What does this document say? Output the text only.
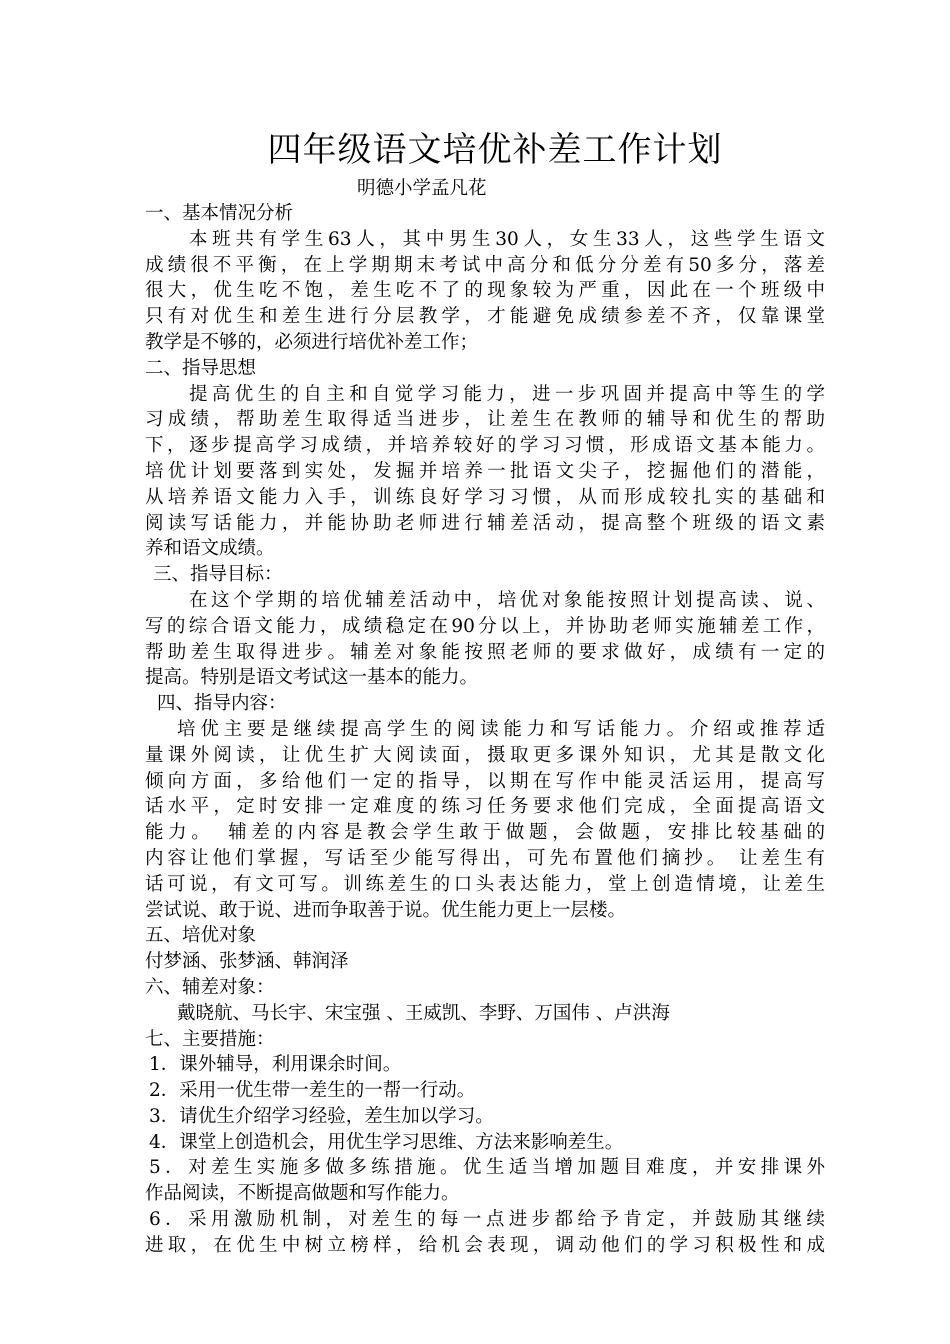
四年级语文培优补差工作计划
明德小学孟凡花
一、基本情况分析
本班共有学生63人，其中男生30人，女生33人，这些学生语文
成绩很不平衡，在上学期期末考试中高分和低分分差有50多分，落差
很大，优生吃不饱，差生吃不了的现象较为严重，因此在一个班级中
只有对优生和差生进行分层教学，才能避免成绩参差不齐，仅靠课堂
教学是不够的，必须进行培优补差工作；
二、指导思想
提高优生的自主和自觉学习能力，进一步巩固并提高中等生的学
习成绩，帮助差生取得适当进步，让差生在教师的辅导和优生的帮助
下，逐步提高学习成绩，并培养较好的学习习惯，形成语文基本能力。
培优计划要落到实处，发掘并培养一批语文尖子，挖掘他们的潜能，
从培养语文能力入手，训练良好学习习惯，从而形成较扎实的基础和
阅读写话能力，并能协助老师进行辅差活动，提高整个班级的语文素
养和语文成绩。
三、指导目标：
在这个学期的培优辅差活动中，培优对象能按照计划提高读、说、
写的综合语文能力，成绩稳定在90分以上，并协助老师实施辅差工作，
帮助差生取得进步。辅差对象能按照老师的要求做好，成绩有一定的
提高。特别是语文考试这一基本的能力。
四、指导内容：
培优主要是继续提高学生的阅读能力和写话能力。介绍或推荐适
量课外阅读，让优生扩大阅读面，摄取更多课外知识，尤其是散文化
倾向方面，多给他们一定的指导，以期在写作中能灵活运用，提高写
话水平，定时安排一定难度的练习任务要求他们完成，全面提高语文
能力。　辅差的内容是教会学生敢于做题，会做题，安排比较基础的
内容让他们掌握，写话至少能写得出，可先布置他们摘抄。 让差生有
话可说，有文可写。训练差生的口头表达能力，堂上创造情境，让差生
尝试说、敢于说、进而争取善于说。优生能力更上一层楼。
五、培优对象
付梦涵、张梦涵、韩润泽
六、辅差对象：
戴晓航、马长宇、宋宝强 、王威凯、李野、万国伟 、卢洪海
七、主要措施：
1．课外辅导，利用课余时间。
2．采用一优生带一差生的一帮一行动。
3．请优生介绍学习经验，差生加以学习。
4．课堂上创造机会，用优生学习思维、方法来影响差生。
5．对差生实施多做多练措施。优生适当增加题目难度，并安排课外
作品阅读，不断提高做题和写作能力。
6．采用激励机制，对差生的每一点进步都给予肯定，并鼓励其继续
进取，在优生中树立榜样，给机会表现，调动他们的学习积极性和成
